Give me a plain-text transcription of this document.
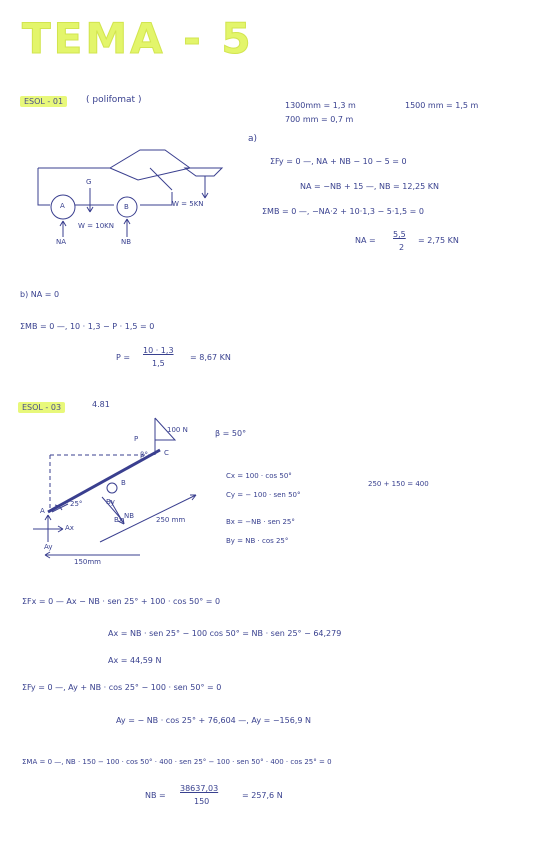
TEMA - 5
ESOL - 01	( polifomat )
1300mm = 1,3 m	1500 mm = 1,5 m
700 mm = 0,7 m
a)
ΣFy = 0 —, NA + NB − 10 − 5 = 0
NA = −NB + 15 —, NB = 12,25 KN
ΣMB = 0 —, −NA·2 + 10·1,3 − 5·1,5 = 0
NA =
5,5
2
= 2,75 KN
A	B
G
NA	NB
W = 10KN
W = 5KN
b) NA = 0
ΣMB = 0 —, 10 · 1,3 − P · 1,5 = 0
P =
10 · 1,3
1,5
= 8,67 KN
ESOL - 03	4.81
β = 50°
P
100 N
β° C
B
A
Ax
Ay
NB
By
Bx
25°
250 mm
150mm
Cx = 100 · cos 50°
Cy = − 100 · sen 50°
250 + 150 = 400
Bx = −NB · sen 25°
By = NB · cos 25°
ΣFx = 0 — Ax − NB · sen 25° + 100 · cos 50° = 0
Ax = NB · sen 25° − 100 cos 50° = NB · sen 25° − 64,279
Ax = 44,59 N
ΣFy = 0 —, Ay + NB · cos 25° − 100 · sen 50° = 0
Ay = − NB · cos 25° + 76,604 —, Ay = −156,9 N
ΣMA = 0 —, NB · 150 − 100 · cos 50° · 400 · sen 25° − 100 · sen 50° · 400 · cos 25° = 0
NB =
38637,03
150
= 257,6 N
